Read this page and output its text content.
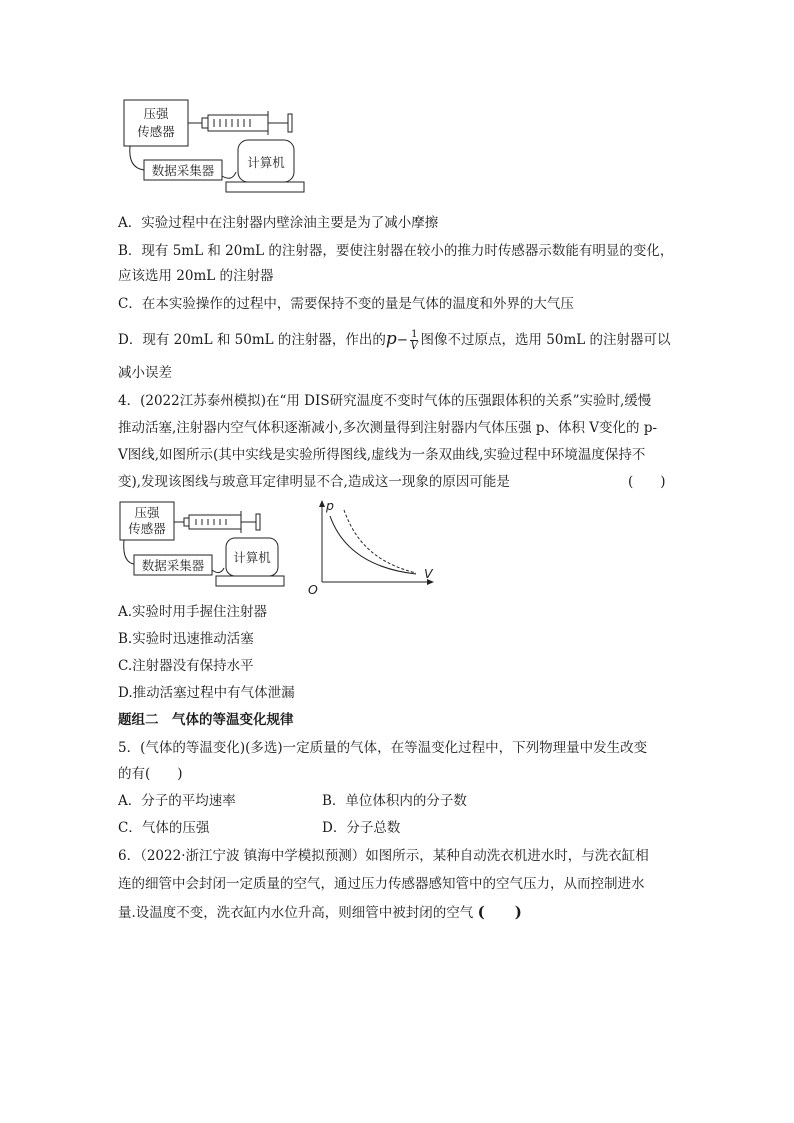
压强
传感器
数据采集器
计算机
A．实验过程中在注射器内壁涂油主要是为了减小摩擦
B．现有 5mL 和 20mL 的注射器，要使注射器在较小的推力时传感器示数能有明显的变化，
应该选用 20mL 的注射器
C．在本实验操作的过程中，需要保持不变的量是气体的温度和外界的大气压
D．现有 20mL 和 50mL 的注射器，作出的$p- \frac{1}{V}$ 图像不过原点，选用 50mL 的注射器可以
减小误差
4．(2022江苏泰州模拟)在“用 DIS研究温度不变时气体的压强跟体积的关系”实验时,缓慢
推动活塞,注射器内空气体积逐渐减小,多次测量得到注射器内气体压强 p、体积 V变化的 p-
V图线,如图所示(其中实线是实验所得图线,虚线为一条双曲线,实验过程中环境温度保持不
变),发现该图线与玻意耳定律明显不合,造成这一现象的原因可能是	(　　)
压强
传感器
数据采集器
计算机
p
V
O
A.实验时用手握住注射器
B.实验时迅速推动活塞
C.注射器没有保持水平
D.推动活塞过程中有气体泄漏
题组二　气体的等温变化规律
5．(气体的等温变化)(多选)一定质量的气体，在等温变化过程中，下列物理量中发生改变
的有(　　)
A．分子的平均速率	B．单位体积内的分子数
C．气体的压强	D．分子总数
6．（2022·浙江宁波 镇海中学模拟预测）如图所示，某种自动洗衣机进水时，与洗衣缸相
连的细管中会封闭一定质量的空气，通过压力传感器感知管中的空气压力，从而控制进水
量.设温度不变，洗衣缸内水位升高，则细管中被封闭的空气 (　　)
